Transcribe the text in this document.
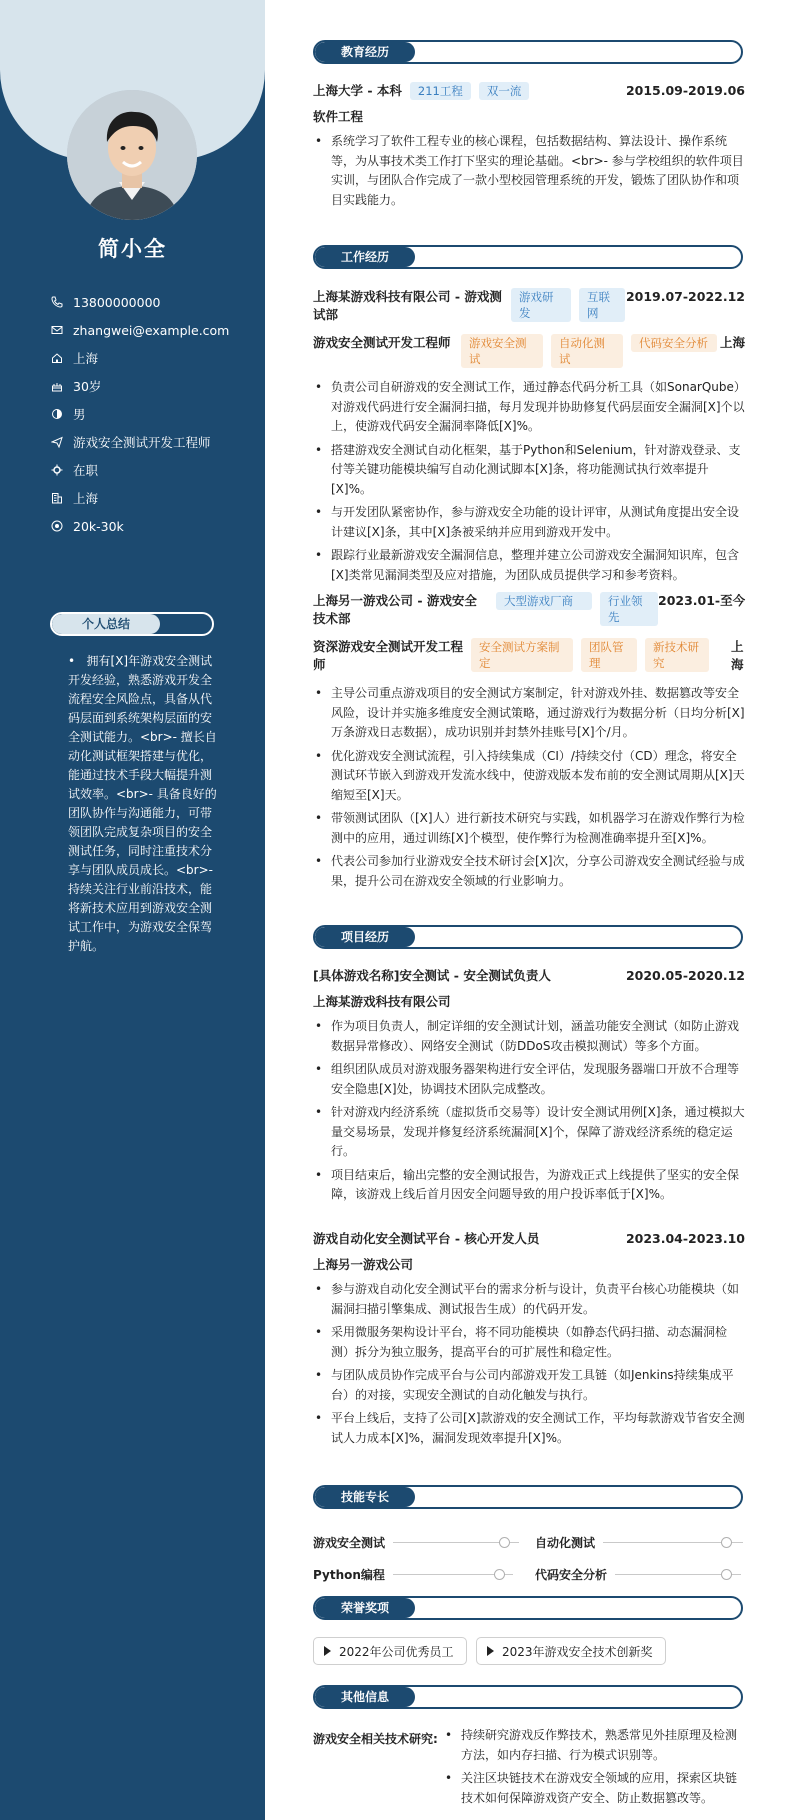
简小全
13800000000
zhangwei@example.com
上海
30岁
男
游戏安全测试开发工程师
在职
上海
20k-30k
个人总结
•   拥有[X]年游戏安全测试开发经验，熟悉游戏开发全流程安全风险点，具备从代码层面到系统架构层面的安全测试能力。<br>- 擅长自动化测试框架搭建与优化，能通过技术手段大幅提升测试效率。<br>- 具备良好的团队协作与沟通能力，可带领团队完成复杂项目的安全测试任务，同时注重技术分享与团队成员成长。<br>- 持续关注行业前沿技术，能将新技术应用到游戏安全测试工作中，为游戏安全保驾护航。
教育经历
上海大学 - 本科	211工程	双一流	2015.09-2019.06
软件工程
• 系统学习了软件工程专业的核心课程，包括数据结构、算法设计、操作系统等，为从事技术类工作打下坚实的理论基础。<br>- 参与学校组织的软件项目实训，与团队合作完成了一款小型校园管理系统的开发，锻炼了团队协作和项目实践能力。
工作经历
上海某游戏科技有限公司 - 游戏测试部
游戏研发
互联网
2019.07-2022.12
游戏安全测试开发工程师	游戏安全测试
自动化测试
代码安全分析 上海
• 负责公司自研游戏的安全测试工作，通过静态代码分析工具（如SonarQube）对游戏代码进行安全漏洞扫描，每月发现并协助修复代码层面安全漏洞[X]个以上，使游戏代码安全漏洞率降低[X]%。
• 搭建游戏安全测试自动化框架，基于Python和Selenium，针对游戏登录、支付等关键功能模块编写自动化测试脚本[X]条，将功能测试执行效率提升[X]%。
• 与开发团队紧密协作，参与游戏安全功能的设计评审，从测试角度提出安全设计建议[X]条，其中[X]条被采纳并应用到游戏开发中。
• 跟踪行业最新游戏安全漏洞信息，整理并建立公司游戏安全漏洞知识库，包含[X]类常见漏洞类型及应对措施，为团队成员提供学习和参考资料。
上海另一游戏公司 - 游戏安全技术部
大型游戏厂商	行业领先
2023.01-至今
资深游戏安全测试开发工程师
安全测试方案制定
团队管理
新技术研究
上海
• 主导公司重点游戏项目的安全测试方案制定，针对游戏外挂、数据篡改等安全风险，设计并实施多维度安全测试策略，通过游戏行为数据分析（日均分析[X]万条游戏日志数据），成功识别并封禁外挂账号[X]个/月。
• 优化游戏安全测试流程，引入持续集成（CI）/持续交付（CD）理念，将安全测试环节嵌入到游戏开发流水线中，使游戏版本发布前的安全测试周期从[X]天缩短至[X]天。
• 带领测试团队（[X]人）进行新技术研究与实践，如机器学习在游戏作弊行为检测中的应用，通过训练[X]个模型，使作弊行为检测准确率提升至[X]%。
• 代表公司参加行业游戏安全技术研讨会[X]次，分享公司游戏安全测试经验与成果，提升公司在游戏安全领域的行业影响力。
项目经历
[具体游戏名称]安全测试 - 安全测试负责人	2020.05-2020.12
上海某游戏科技有限公司
• 作为项目负责人，制定详细的安全测试计划，涵盖功能安全测试（如防止游戏数据异常修改）、网络安全测试（防DDoS攻击模拟测试）等多个方面。
• 组织团队成员对游戏服务器架构进行安全评估，发现服务器端口开放不合理等安全隐患[X]处，协调技术团队完成整改。
• 针对游戏内经济系统（虚拟货币交易等）设计安全测试用例[X]条，通过模拟大量交易场景，发现并修复经济系统漏洞[X]个，保障了游戏经济系统的稳定运行。
• 项目结束后，输出完整的安全测试报告，为游戏正式上线提供了坚实的安全保障，该游戏上线后首月因安全问题导致的用户投诉率低于[X]%。
游戏自动化安全测试平台 - 核心开发人员	2023.04-2023.10
上海另一游戏公司
• 参与游戏自动化安全测试平台的需求分析与设计，负责平台核心功能模块（如漏洞扫描引擎集成、测试报告生成）的代码开发。
• 采用微服务架构设计平台，将不同功能模块（如静态代码扫描、动态漏洞检测）拆分为独立服务，提高平台的可扩展性和稳定性。
• 与团队成员协作完成平台与公司内部游戏开发工具链（如Jenkins持续集成平台）的对接，实现安全测试的自动化触发与执行。
• 平台上线后，支持了公司[X]款游戏的安全测试工作，平均每款游戏节省安全测试人力成本[X]%，漏洞发现效率提升[X]%。
技能专长
游戏安全测试	自动化测试
Python编程	代码安全分析
荣誉奖项
2022年公司优秀员工	2023年游戏安全技术创新奖
其他信息
游戏安全相关技术研究:
•	持续研究游戏反作弊技术，熟悉常见外挂原理及检测方法，如内存扫描、行为模式识别等。
• 关注区块链技术在游戏安全领域的应用，探索区块链技术如何保障游戏资产安全、防止数据篡改等。
